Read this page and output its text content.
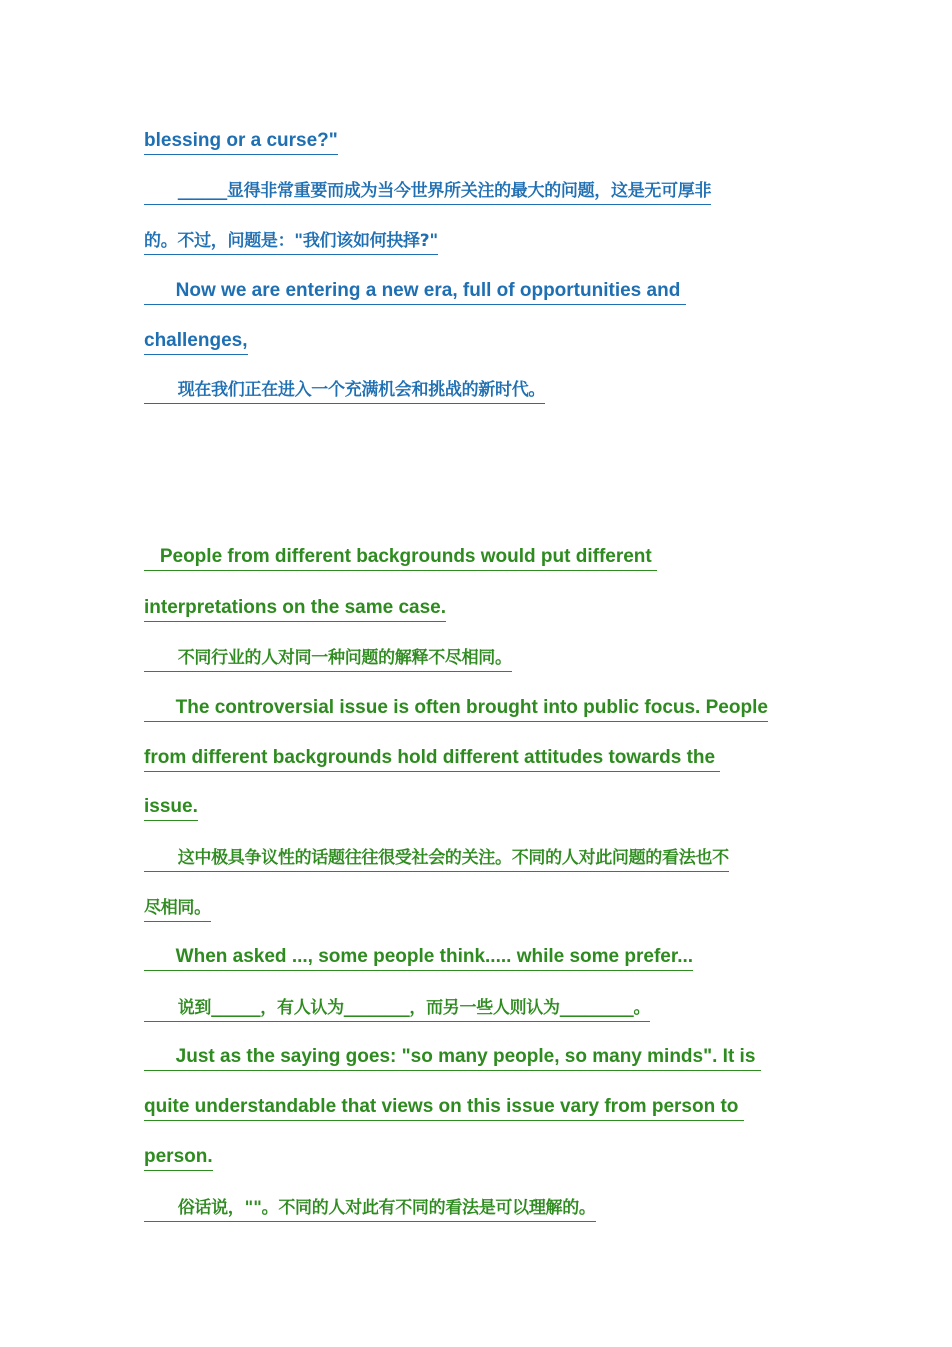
blessing or a curse?"

______显得非常重要而成为当今世界所关注的最大的问题，这是无可厚非

的。不过，问题是："我们该如何抉择?"

Now we are entering a new era, full of opportunities and

challenges,

现在我们正在进入一个充满机会和挑战的新时代。

People from different backgrounds would put different

interpretations on the same case.

不同行业的人对同一种问题的解释不尽相同。

The controversial issue is often brought into public focus. People

from different backgrounds hold different attitudes towards the

issue.

这中极具争议性的话题往往很受社会的关注。不同的人对此问题的看法也不

尽相同。

When asked ..., some people think..... while some prefer...

说到______，有人认为________，而另一些人则认为_________。

Just as the saying goes: "so many people, so many minds". It is

quite understandable that views on this issue vary from person to

person.

俗话说，""。不同的人对此有不同的看法是可以理解的。
